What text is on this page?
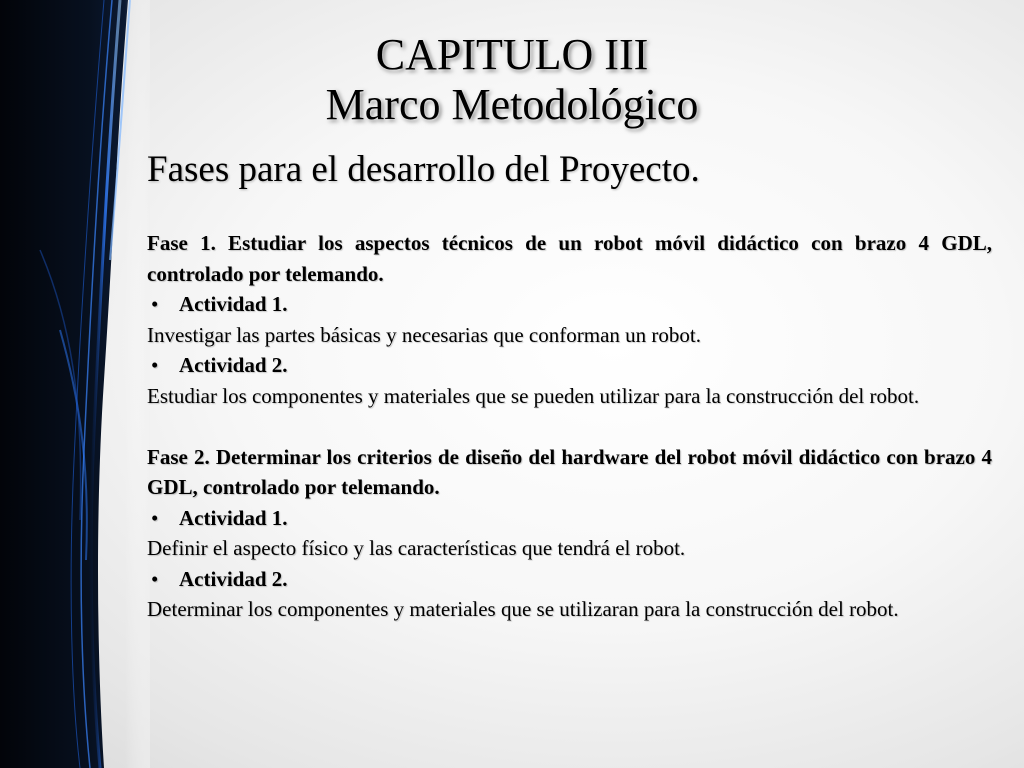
CAPITULO III
Marco Metodológico
Fases para el desarrollo del Proyecto.

Fase 1. Estudiar los aspectos técnicos de un robot móvil didáctico con brazo 4 GDL, controlado por telemando.

• Actividad 1.

Investigar las partes básicas y necesarias que conforman un robot.

• Actividad 2.

Estudiar los componentes y materiales que se pueden utilizar para la construcción del robot.

Fase 2. Determinar los criterios de diseño del hardware del robot móvil didáctico con brazo 4 GDL, controlado por telemando.

• Actividad 1.

Definir el aspecto físico y las características que tendrá el robot.

• Actividad 2.

Determinar los componentes y materiales que se utilizaran para la construcción del robot.
